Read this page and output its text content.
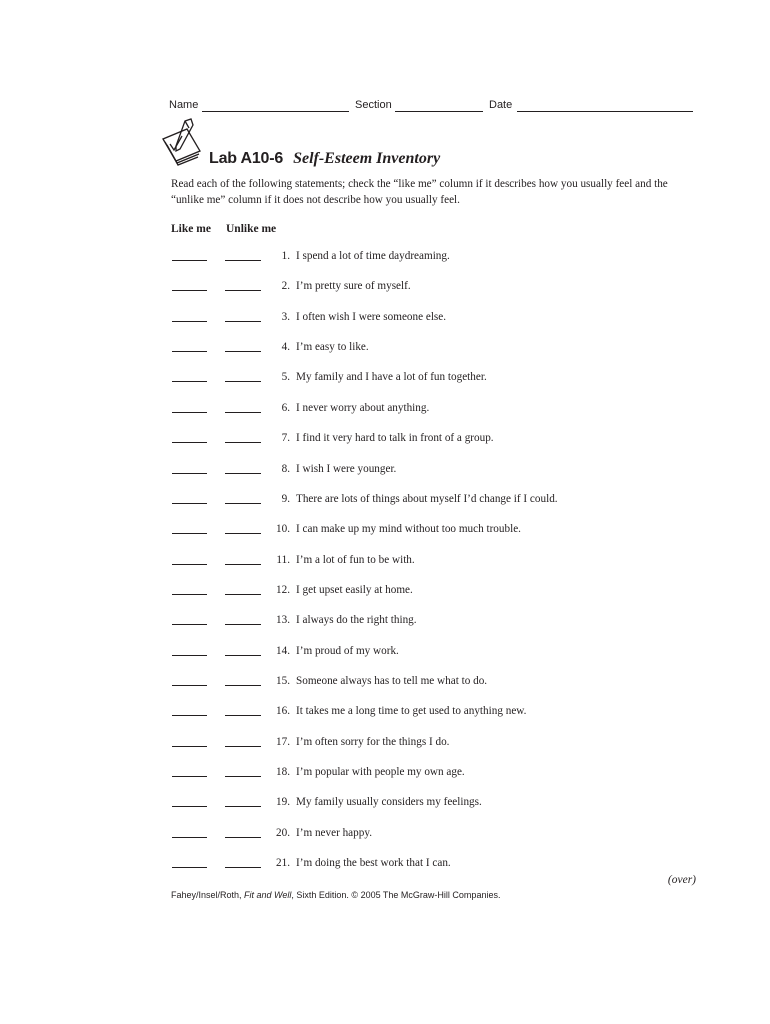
Name	Section	Date
Lab A10-6 Self-Esteem Inventory
Read each of the following statements; check the “like me” column if it describes how you usually feel and the “unlike me” column if it does not describe how you usually feel.
Like me Unlike me
1. I spend a lot of time daydreaming.
2. I’m pretty sure of myself.
3. I often wish I were someone else.
4. I’m easy to like.
5. My family and I have a lot of fun together.
6. I never worry about anything.
7. I find it very hard to talk in front of a group.
8. I wish I were younger.
9. There are lots of things about myself I’d change if I could.
10. I can make up my mind without too much trouble.
11. I’m a lot of fun to be with.
12. I get upset easily at home.
13. I always do the right thing.
14. I’m proud of my work.
15. Someone always has to tell me what to do.
16. It takes me a long time to get used to anything new.
17. I’m often sorry for the things I do.
18. I’m popular with people my own age.
19. My family usually considers my feelings.
20. I’m never happy.
21. I’m doing the best work that I can.
(over)
Fahey/Insel/Roth, Fit and Well, Sixth Edition. © 2005 The McGraw-Hill Companies.
